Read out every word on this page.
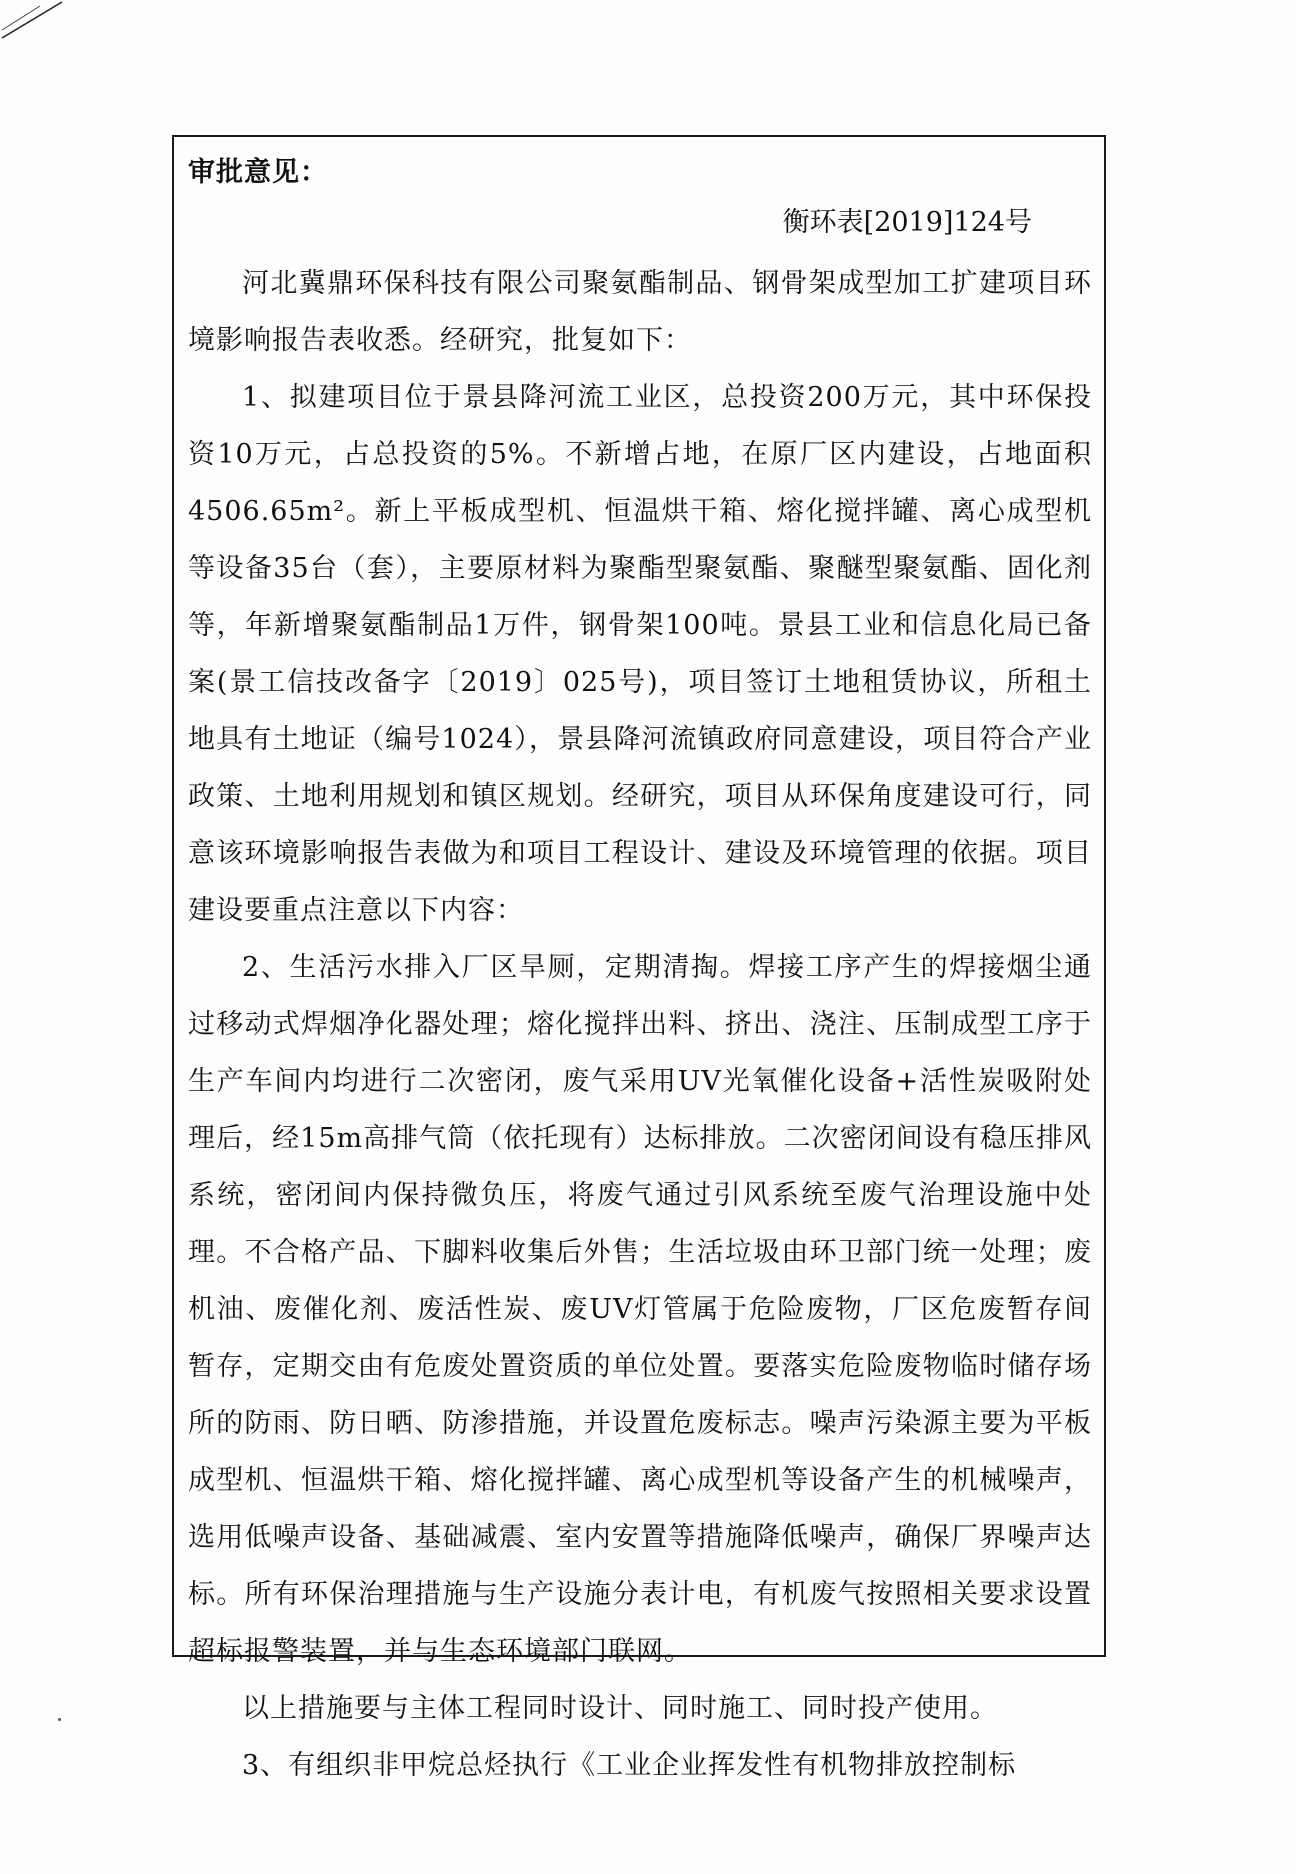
审批意见：

衡环表[2019]124号

河北冀鼎环保科技有限公司聚氨酯制品、钢骨架成型加工扩建项目环境影响报告表收悉。经研究，批复如下：

1、拟建项目位于景县降河流工业区，总投资200万元，其中环保投资10万元，占总投资的5%。不新增占地，在原厂区内建设，占地面积4506.65m²。新上平板成型机、恒温烘干箱、熔化搅拌罐、离心成型机等设备35台（套），主要原材料为聚酯型聚氨酯、聚醚型聚氨酯、固化剂等，年新增聚氨酯制品1万件，钢骨架100吨。景县工业和信息化局已备案(景工信技改备字〔2019〕025号)，项目签订土地租赁协议，所租土地具有土地证（编号1024），景县降河流镇政府同意建设，项目符合产业政策、土地利用规划和镇区规划。经研究，项目从环保角度建设可行，同意该环境影响报告表做为和项目工程设计、建设及环境管理的依据。项目建设要重点注意以下内容：

2、生活污水排入厂区旱厕，定期清掏。焊接工序产生的焊接烟尘通过移动式焊烟净化器处理；熔化搅拌出料、挤出、浇注、压制成型工序于生产车间内均进行二次密闭，废气采用UV光氧催化设备+活性炭吸附处理后，经15m高排气筒（依托现有）达标排放。二次密闭间设有稳压排风系统，密闭间内保持微负压，将废气通过引风系统至废气治理设施中处理。不合格产品、下脚料收集后外售；生活垃圾由环卫部门统一处理；废机油、废催化剂、废活性炭、废UV灯管属于危险废物，厂区危废暂存间暂存，定期交由有危废处置资质的单位处置。要落实危险废物临时储存场所的防雨、防日晒、防渗措施，并设置危废标志。噪声污染源主要为平板成型机、恒温烘干箱、熔化搅拌罐、离心成型机等设备产生的机械噪声，选用低噪声设备、基础减震、室内安置等措施降低噪声，确保厂界噪声达标。所有环保治理措施与生产设施分表计电，有机废气按照相关要求设置超标报警装置，并与生态环境部门联网。

以上措施要与主体工程同时设计、同时施工、同时投产使用。

3、有组织非甲烷总烃执行《工业企业挥发性有机物排放控制标
